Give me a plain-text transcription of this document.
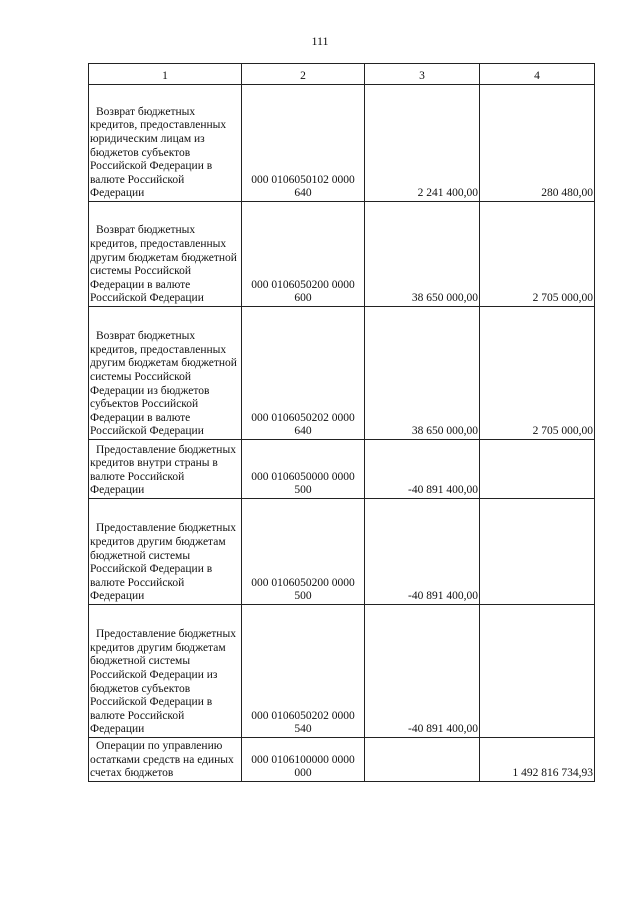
111
1	2	3	4
Возврат бюджетных кредитов, предоставленных юридическим лицам из бюджетов субъектов Российской Федерации в валюте Российской Федерации	000 0106050102 0000 640	2 241 400,00	280 480,00
Возврат бюджетных кредитов, предоставленных другим бюджетам бюджетной системы Российской Федерации в валюте Российской Федерации	000 0106050200 0000 600	38 650 000,00	2 705 000,00
Возврат бюджетных кредитов, предоставленных другим бюджетам бюджетной системы Российской Федерации из бюджетов субъектов Российской Федерации в валюте Российской Федерации	000 0106050202 0000 640	38 650 000,00	2 705 000,00
Предоставление бюджетных кредитов внутри страны в валюте Российской Федерации	000 0106050000 0000 500	-40 891 400,00	
Предоставление бюджетных кредитов другим бюджетам бюджетной системы Российской Федерации в валюте Российской Федерации	000 0106050200 0000 500	-40 891 400,00	
Предоставление бюджетных кредитов другим бюджетам бюджетной системы Российской Федерации из бюджетов субъектов Российской Федерации в валюте Российской Федерации	000 0106050202 0000 540	-40 891 400,00	
Операции по управлению остатками средств на единых счетах бюджетов	000 0106100000 0000 000		1 492 816 734,93
